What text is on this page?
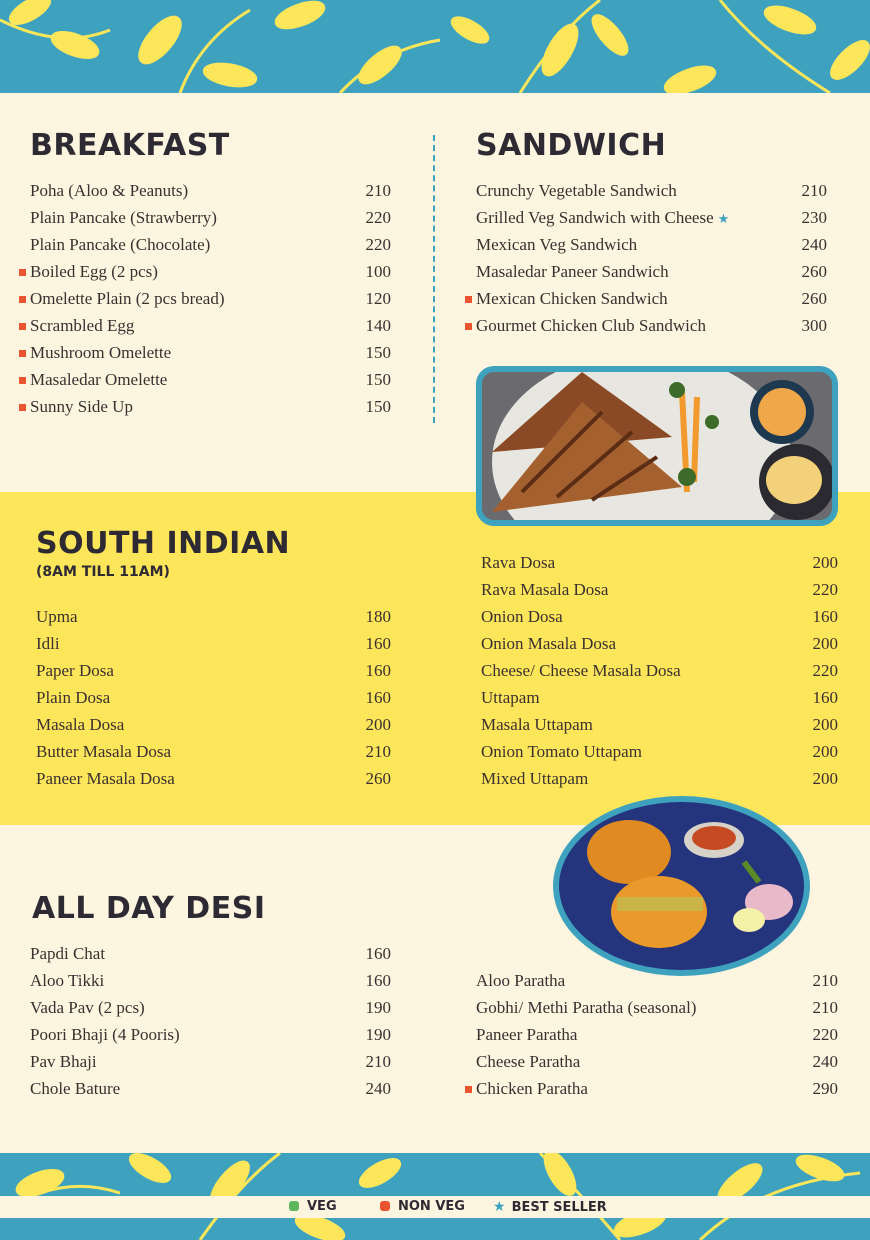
BREAKFAST
Poha (Aloo & Peanuts)	210
Plain Pancake (Strawberry)	220
Plain Pancake (Chocolate)	220
Boiled Egg (2 pcs)	100
Omelette Plain (2 pcs bread)	120
Scrambled Egg	140
Mushroom Omelette	150
Masaledar Omelette	150
Sunny Side Up	150
SANDWICH
Crunchy Vegetable Sandwich	210
Grilled Veg Sandwich with Cheese ★	230
Mexican Veg Sandwich	240
Masaledar Paneer Sandwich	260
Mexican Chicken Sandwich	260
Gourmet Chicken Club Sandwich	300
SOUTH INDIAN
(8AM TILL 11AM)
Upma	180
Idli	160
Paper Dosa	160
Plain Dosa	160
Masala Dosa	200
Butter Masala Dosa	210
Paneer Masala Dosa	260
Rava Dosa	200
Rava Masala Dosa	220
Onion Dosa	160
Onion Masala Dosa	200
Cheese/ Cheese Masala Dosa	220
Uttapam	160
Masala Uttapam	200
Onion Tomato Uttapam	200
Mixed Uttapam	200
ALL DAY DESI
Papdi Chat	160
Aloo Tikki	160
Vada Pav (2 pcs)	190
Poori Bhaji (4 Pooris)	190
Pav Bhaji	210
Chole Bature	240
Aloo Paratha	210
Gobhi/ Methi Paratha (seasonal)	210
Paneer Paratha	220
Cheese Paratha	240
Chicken Paratha	290
VEG	NON VEG ★ BEST SELLER
